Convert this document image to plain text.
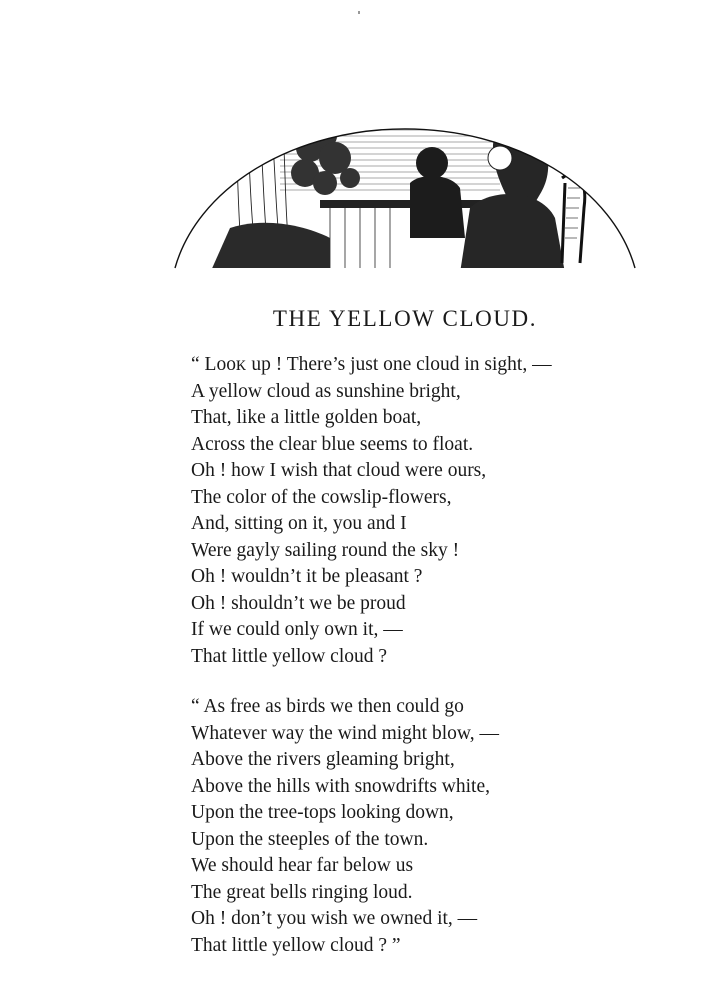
THE YELLOW CLOUD.
“ Lᴏᴏᴋ up ! There’s just one cloud in sight, —
A yellow cloud as sunshine bright,
That, like a little golden boat,
Across the clear blue seems to float.
Oh ! how I wish that cloud were ours,
The color of the cowslip-flowers,
And, sitting on it, you and I
Were gayly sailing round the sky !
Oh ! wouldn’t it be pleasant ?
Oh ! shouldn’t we be proud
If we could only own it, —
That little yellow cloud ?
“ As free as birds we then could go
Whatever way the wind might blow, —
Above the rivers gleaming bright,
Above the hills with snowdrifts white,
Upon the tree-tops looking down,
Upon the steeples of the town.
We should hear far below us
The great bells ringing loud.
Oh ! don’t you wish we owned it, —
That little yellow cloud ? ”
